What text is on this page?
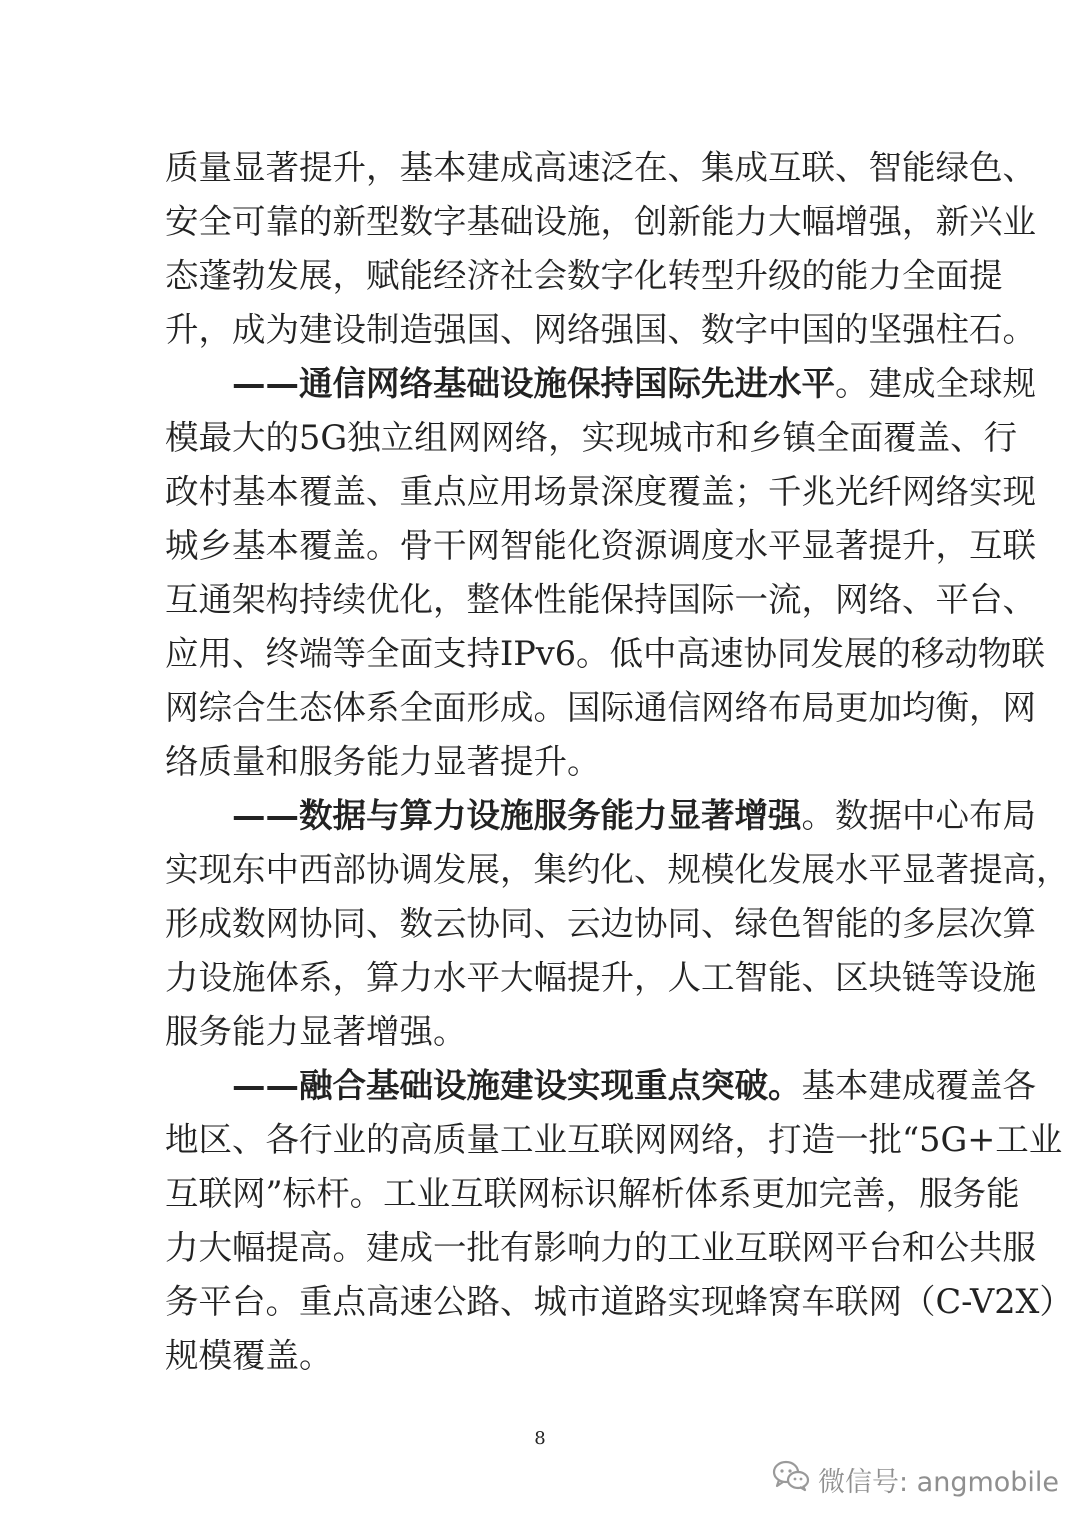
质量显著提升，基本建成高速泛在、集成互联、智能绿色、
安全可靠的新型数字基础设施，创新能力大幅增强，新兴业
态蓬勃发展，赋能经济社会数字化转型升级的能力全面提
升，成为建设制造强国、网络强国、数字中国的坚强柱石。
——通信网络基础设施保持国际先进水平。建成全球规
模最大的5G独立组网网络，实现城市和乡镇全面覆盖、行
政村基本覆盖、重点应用场景深度覆盖；千兆光纤网络实现
城乡基本覆盖。骨干网智能化资源调度水平显著提升，互联
互通架构持续优化，整体性能保持国际一流，网络、平台、
应用、终端等全面支持IPv6。低中高速协同发展的移动物联
网综合生态体系全面形成。国际通信网络布局更加均衡，网
络质量和服务能力显著提升。
——数据与算力设施服务能力显著增强。数据中心布局
实现东中西部协调发展，集约化、规模化发展水平显著提高，
形成数网协同、数云协同、云边协同、绿色智能的多层次算
力设施体系，算力水平大幅提升，人工智能、区块链等设施
服务能力显著增强。
——融合基础设施建设实现重点突破。基本建成覆盖各
地区、各行业的高质量工业互联网网络，打造一批“5G+工业
互联网”标杆。工业互联网标识解析体系更加完善，服务能
力大幅提高。建成一批有影响力的工业互联网平台和公共服
务平台。重点高速公路、城市道路实现蜂窝车联网（C-V2X）
规模覆盖。
8
微信号: angmobile
